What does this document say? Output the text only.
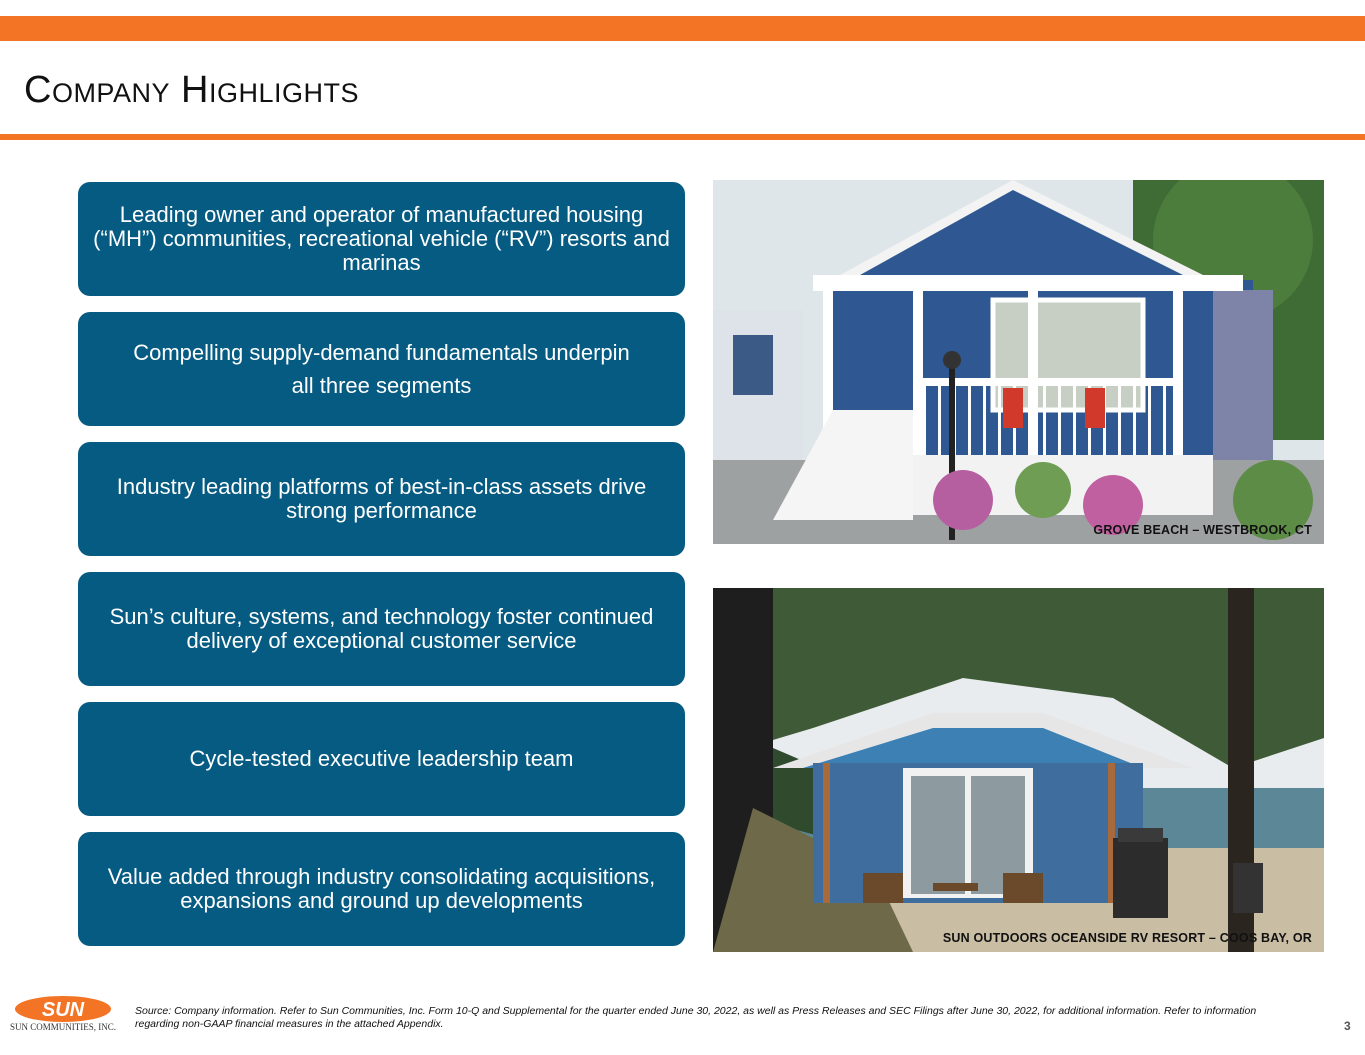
Company Highlights
Leading owner and operator of manufactured housing (“MH”) communities, recreational vehicle (“RV”) resorts and marinas
Compelling supply-demand fundamentals underpin
all three segments
Industry leading platforms of best-in-class assets drive strong performance
Sun’s culture, systems, and technology foster continued delivery of exceptional customer service
Cycle-tested executive leadership team
Value added through industry consolidating acquisitions, expansions and ground up developments
GROVE BEACH – WESTBROOK, CT
SUN OUTDOORS OCEANSIDE RV RESORT – COOS BAY, OR
SUN
SUN COMMUNITIES, INC.
Source: Company information. Refer to Sun Communities, Inc. Form 10-Q and Supplemental for the quarter ended June 30, 2022, as well as Press Releases and SEC Filings after June 30, 2022, for additional information. Refer to information regarding non-GAAP financial measures in the attached Appendix.	3
